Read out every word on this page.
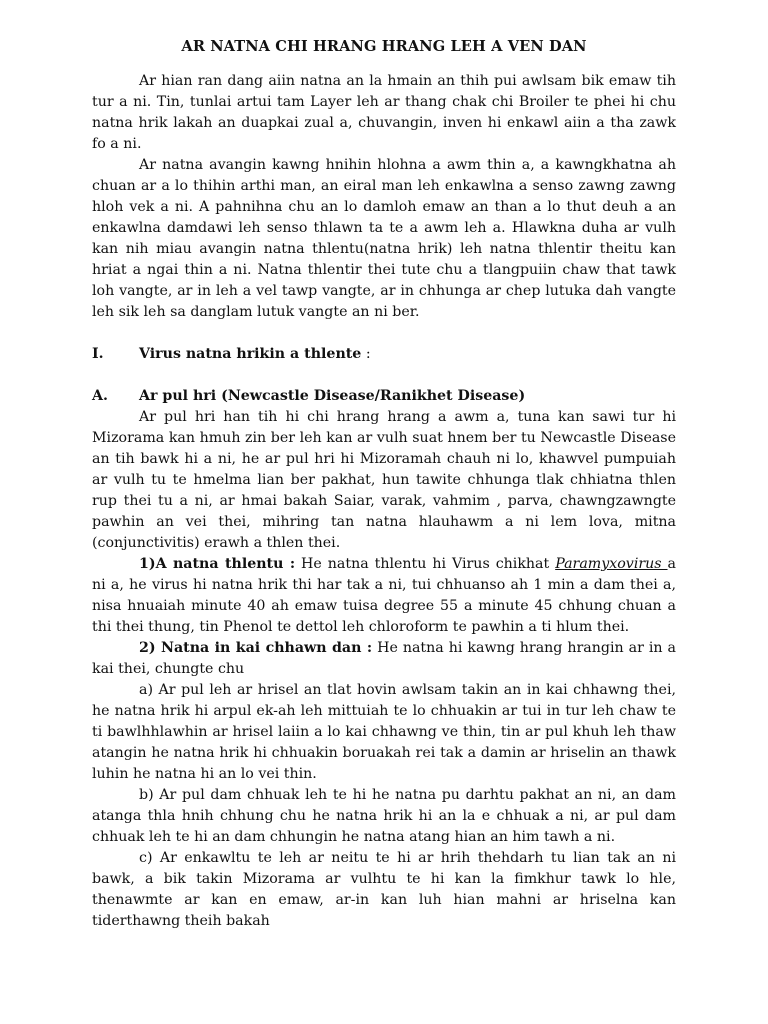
AR NATNA CHI HRANG HRANG LEH A VEN DAN

Ar hian ran dang aiin natna an la hmain an thih pui awlsam bik emaw tih tur a ni. Tin, tunlai artui tam Layer leh ar thang chak chi Broiler te phei hi chu natna hrik lakah an duapkai zual a, chuvangin, inven hi enkawl aiin a tha zawk fo a ni.

Ar natna avangin kawng hnihin hlohna a awm thin a, a kawngkhatna ah chuan ar a lo thihin arthi man, an eiral man leh enkawlna a senso zawng zawng hloh vek a ni. A pahnihna chu an lo damloh emaw an than a lo thut deuh a an enkawlna damdawi leh senso thlawn ta te a awm leh a. Hlawkna duha ar vulh kan nih miau avangin natna thlentu(natna hrik) leh natna thlentir theitu kan hriat a ngai thin a ni. Natna thlentir thei tute chu a tlangpuiin chaw that tawk loh vangte, ar in leh a vel tawp vangte, ar in chhunga ar chep lutuka dah vangte leh sik leh sa danglam lutuk vangte an ni ber.

I.	Virus natna hrikin a thlente :
A.	Ar pul hri (Newcastle Disease/Ranikhet Disease)

Ar pul hri han tih hi chi hrang hrang a awm a, tuna kan sawi tur hi Mizorama kan hmuh zin ber leh kan ar vulh suat hnem ber tu Newcastle Disease an tih bawk hi a ni, he ar pul hri hi Mizoramah chauh ni lo, khawvel pumpuiah ar vulh tu te hmelma lian ber pakhat, hun tawite chhunga tlak chhiatna thlen rup thei tu a ni, ar hmai bakah Saiar, varak, vahmim , parva, chawngzawngte pawhin an vei thei, mihring tan natna hlauhawm a ni lem lova, mitna (conjunctivitis) erawh a thlen thei.

1)A natna thlentu : He natna thlentu hi Virus chikhat Paramyxovirus a ni a, he virus hi natna hrik thi har tak a ni, tui chhuanso ah 1 min a dam thei a, nisa hnuaiah minute 40 ah emaw tuisa degree 55 a minute 45 chhung chuan a thi thei thung, tin Phenol te dettol leh chloroform te pawhin a ti hlum thei.

2) Natna in kai chhawn dan : He natna hi kawng hrang hrangin ar in a kai thei, chungte chu

a) Ar pul leh ar hrisel an tlat hovin awlsam takin an in kai chhawng thei, he natna hrik hi arpul ek-ah leh mittuiah te lo chhuakin ar tui in tur leh chaw te ti bawlhhlawhin ar hrisel laiin a lo kai chhawng ve thin, tin ar pul khuh leh thaw atangin he natna hrik hi chhuakin boruakah rei tak a damin ar hriselin an thawk luhin he natna hi an lo vei thin.

b) Ar pul dam chhuak leh te hi he natna pu darhtu pakhat an ni, an dam atanga thla hnih chhung chu he natna hrik hi an la e chhuak a ni, ar pul dam chhuak leh te hi an dam chhungin he natna atang hian an him tawh a ni.

c) Ar enkawltu te leh ar neitu te hi ar hrih thehdarh tu lian tak an ni bawk, a bik takin Mizorama ar vulhtu te hi kan la fimkhur tawk lo hle, thenawmte ar kan en emaw, ar-in kan luh hian mahni ar hriselna kan tiderthawng theih bakah
